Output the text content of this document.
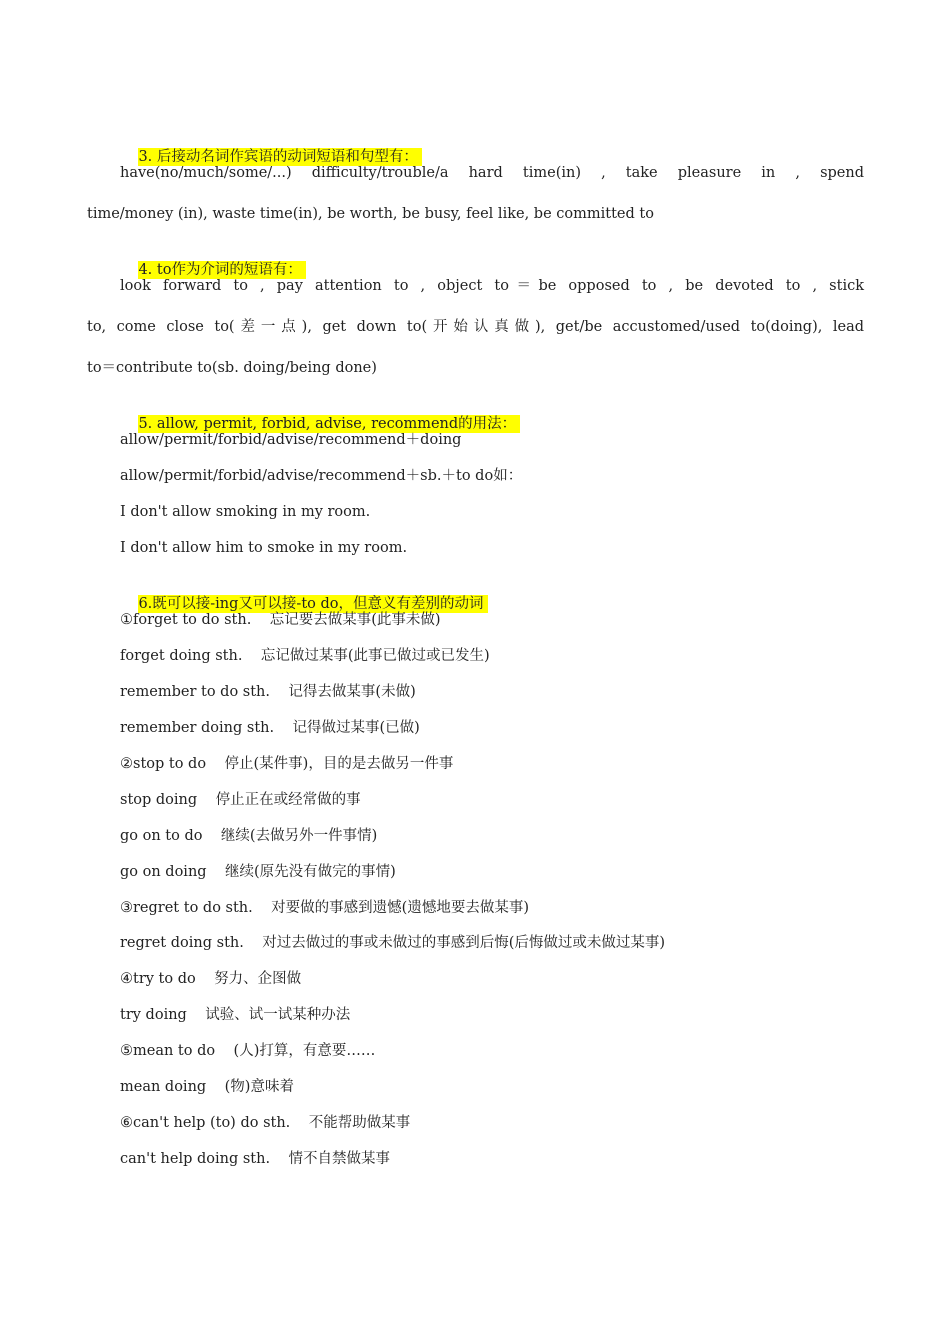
3. 后接动名词作宾语的动词短语和句型有：

have(no/much/some/...) difficulty/trouble/a hard time(in) , take pleasure in , spend
time/money (in), waste time(in), be worth, be busy, feel like, be committed to

4. to作为介词的短语有：

look forward to , pay attention to , object to＝be opposed to , be devoted to , stick
to, come close to(差一点), get down to(开始认真做), get/be accustomed/used to(doing), lead
to＝contribute to(sb. doing/being done)

5. allow, permit, forbid, advise, recommend的用法：

allow/permit/forbid/advise/recommend＋doing
allow/permit/forbid/advise/recommend＋sb.＋to do如：
I don't allow smoking in my room.
I don't allow him to smoke in my room.

6.既可以接-ing又可以接-to do，但意义有差别的动词

①forget to do sth.    忘记要去做某事(此事未做)
forget doing sth.    忘记做过某事(此事已做过或已发生)
remember to do sth.    记得去做某事(未做)
remember doing sth.    记得做过某事(已做)
②stop to do    停止(某件事)，目的是去做另一件事
stop doing    停止正在或经常做的事
go on to do    继续(去做另外一件事情)
go on doing    继续(原先没有做完的事情)
③regret to do sth.    对要做的事感到遗憾(遗憾地要去做某事)
regret doing sth.    对过去做过的事或未做过的事感到后悔(后悔做过或未做过某事)
④try to do    努力、企图做
try doing    试验、试一试某种办法
⑤mean to do    (人)打算，有意要……
mean doing    (物)意味着
⑥can't help (to) do sth.    不能帮助做某事
can't help doing sth.    情不自禁做某事
